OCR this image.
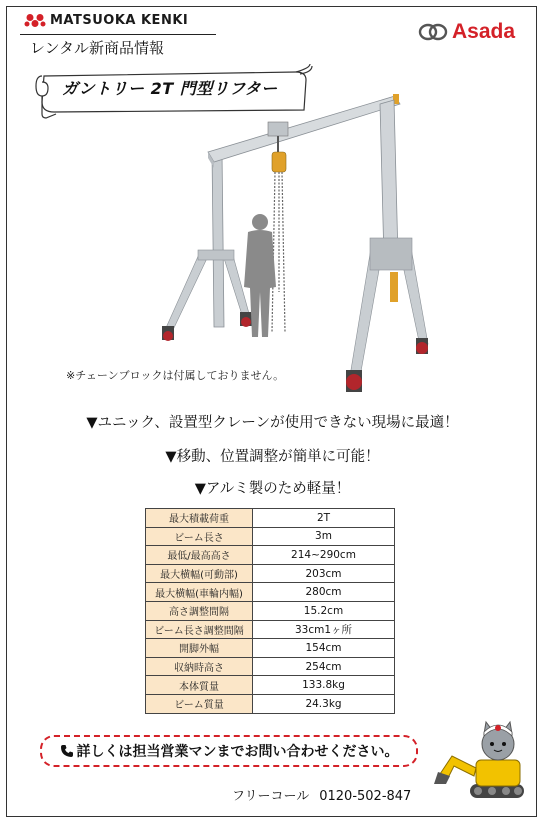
MATSUOKA KENKI
レンタル新商品情報
Asada
ガントリー 2T 門型リフター
※チェーンブロックは付属しておりません。
▼ユニック、設置型クレーンが使用できない現場に最適！
▼移動、位置調整が簡単に可能！
▼アルミ製のため軽量！
最大積載荷重	2T
ビーム長さ	3m
最低/最高高さ	214~290cm
最大横幅(可動部)	203cm
最大横幅(車輪内幅)	280cm
高さ調整間隔	15.2cm
ビーム長さ調整間隔	33cm1ヶ所
開脚外幅	154cm
収納時高さ	254cm
本体質量	133.8kg
ビーム質量	24.3kg
詳しくは担当営業マンまでお問い合わせください。
フリーコール 0120-502-847
